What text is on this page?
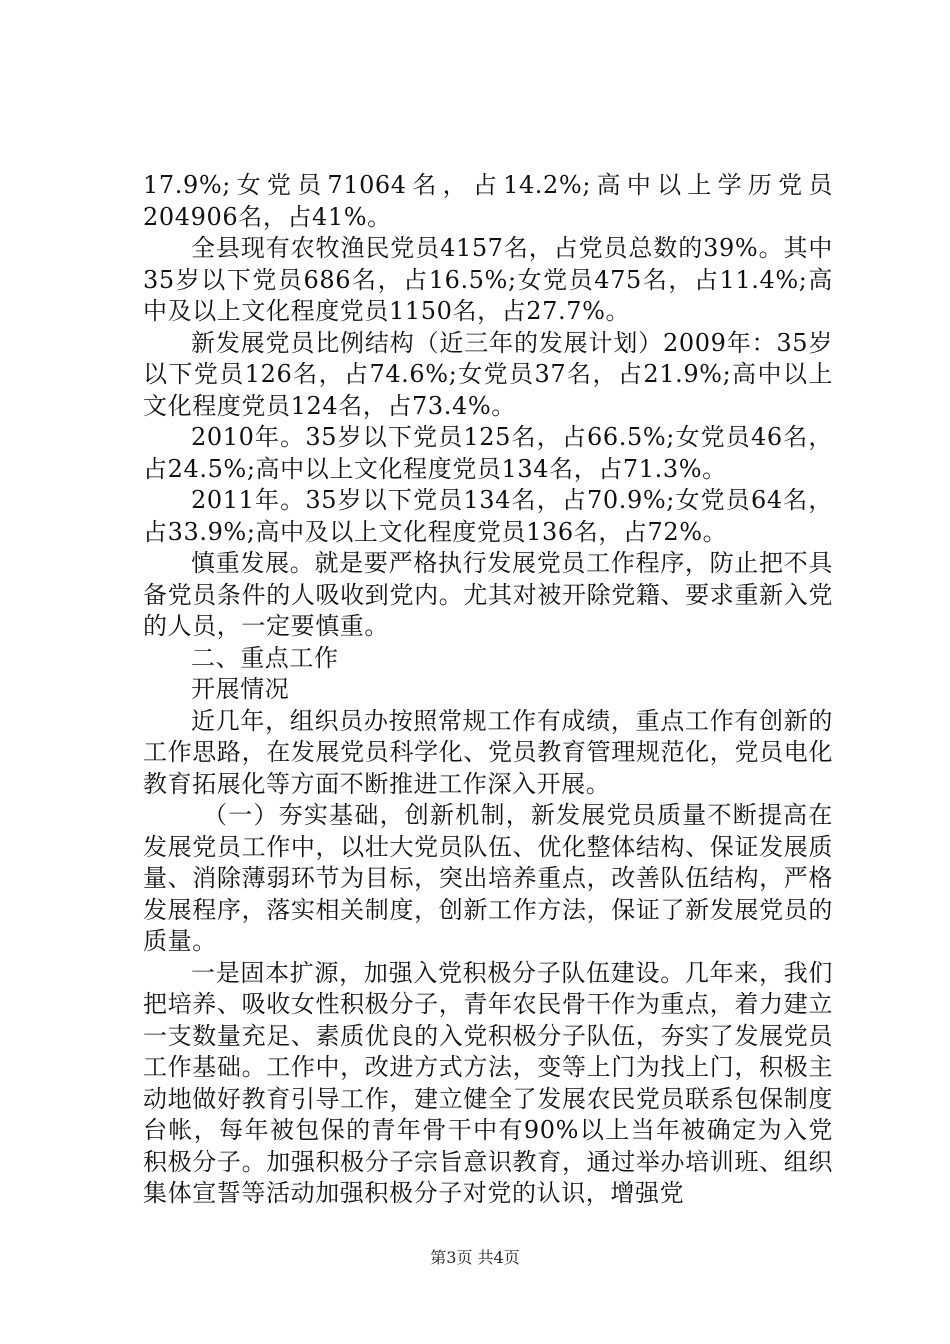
17.9%;女党员71064名，占14.2%;高中以上学历党员204906名，占41%。

全县现有农牧渔民党员4157名，占党员总数的39%。其中35岁以下党员686名，占16.5%;女党员475名，占11.4%;高中及以上文化程度党员1150名，占27.7%。

新发展党员比例结构（近三年的发展计划）2009年：35岁以下党员126名，占74.6%;女党员37名，占21.9%;高中以上文化程度党员124名，占73.4%。

2010年。35岁以下党员125名，占66.5%;女党员46名，占24.5%;高中以上文化程度党员134名，占71.3%。

2011年。35岁以下党员134名，占70.9%;女党员64名，占33.9%;高中及以上文化程度党员136名，占72%。

慎重发展。就是要严格执行发展党员工作程序，防止把不具备党员条件的人吸收到党内。尤其对被开除党籍、要求重新入党的人员，一定要慎重。

二、重点工作

开展情况

近几年，组织员办按照常规工作有成绩，重点工作有创新的工作思路，在发展党员科学化、党员教育管理规范化，党员电化教育拓展化等方面不断推进工作深入开展。

（一）夯实基础，创新机制，新发展党员质量不断提高在发展党员工作中，以壮大党员队伍、优化整体结构、保证发展质量、消除薄弱环节为目标，突出培养重点，改善队伍结构，严格发展程序，落实相关制度，创新工作方法，保证了新发展党员的质量。

一是固本扩源，加强入党积极分子队伍建设。几年来，我们把培养、吸收女性积极分子，青年农民骨干作为重点，着力建立一支数量充足、素质优良的入党积极分子队伍，夯实了发展党员工作基础。工作中，改进方式方法，变等上门为找上门，积极主动地做好教育引导工作，建立健全了发展农民党员联系包保制度台帐，每年被包保的青年骨干中有90%以上当年被确定为入党积极分子。加强积极分子宗旨意识教育，通过举办培训班、组织集体宣誓等活动加强积极分子对党的认识，增强党

第3页 共4页
